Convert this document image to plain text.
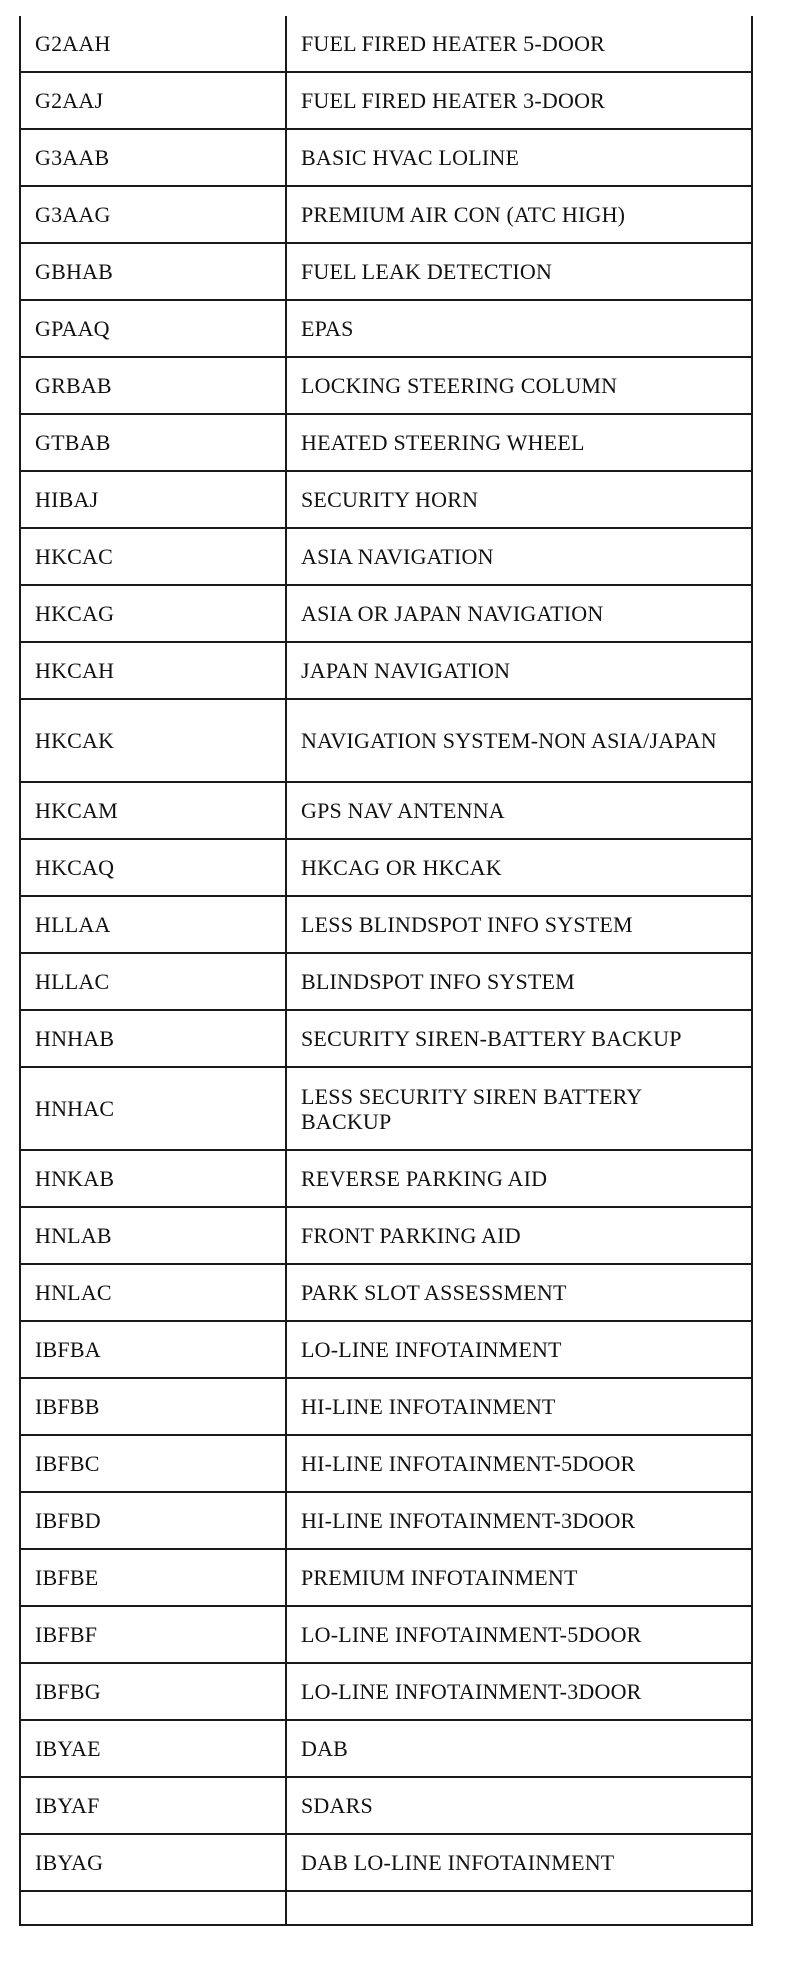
G2AAH	FUEL FIRED HEATER 5-DOOR
G2AAJ	FUEL FIRED HEATER 3-DOOR
G3AAB	BASIC HVAC LOLINE
G3AAG	PREMIUM AIR CON (ATC HIGH)
GBHAB	FUEL LEAK DETECTION
GPAAQ	EPAS
GRBAB	LOCKING STEERING COLUMN
GTBAB	HEATED STEERING WHEEL
HIBAJ	SECURITY HORN
HKCAC	ASIA NAVIGATION
HKCAG	ASIA OR JAPAN NAVIGATION
HKCAH	JAPAN NAVIGATION
HKCAK	NAVIGATION SYSTEM-NON ASIA/JAPAN
HKCAM	GPS NAV ANTENNA
HKCAQ	HKCAG OR HKCAK
HLLAA	LESS BLINDSPOT INFO SYSTEM
HLLAC	BLINDSPOT INFO SYSTEM
HNHAB	SECURITY SIREN-BATTERY BACKUP
HNHAC	LESS SECURITY SIREN BATTERY BACKUP
HNKAB	REVERSE PARKING AID
HNLAB	FRONT PARKING AID
HNLAC	PARK SLOT ASSESSMENT
IBFBA	LO-LINE INFOTAINMENT
IBFBB	HI-LINE INFOTAINMENT
IBFBC	HI-LINE INFOTAINMENT-5DOOR
IBFBD	HI-LINE INFOTAINMENT-3DOOR
IBFBE	PREMIUM INFOTAINMENT
IBFBF	LO-LINE INFOTAINMENT-5DOOR
IBFBG	LO-LINE INFOTAINMENT-3DOOR
IBYAE	DAB
IBYAF	SDARS
IBYAG	DAB LO-LINE INFOTAINMENT
